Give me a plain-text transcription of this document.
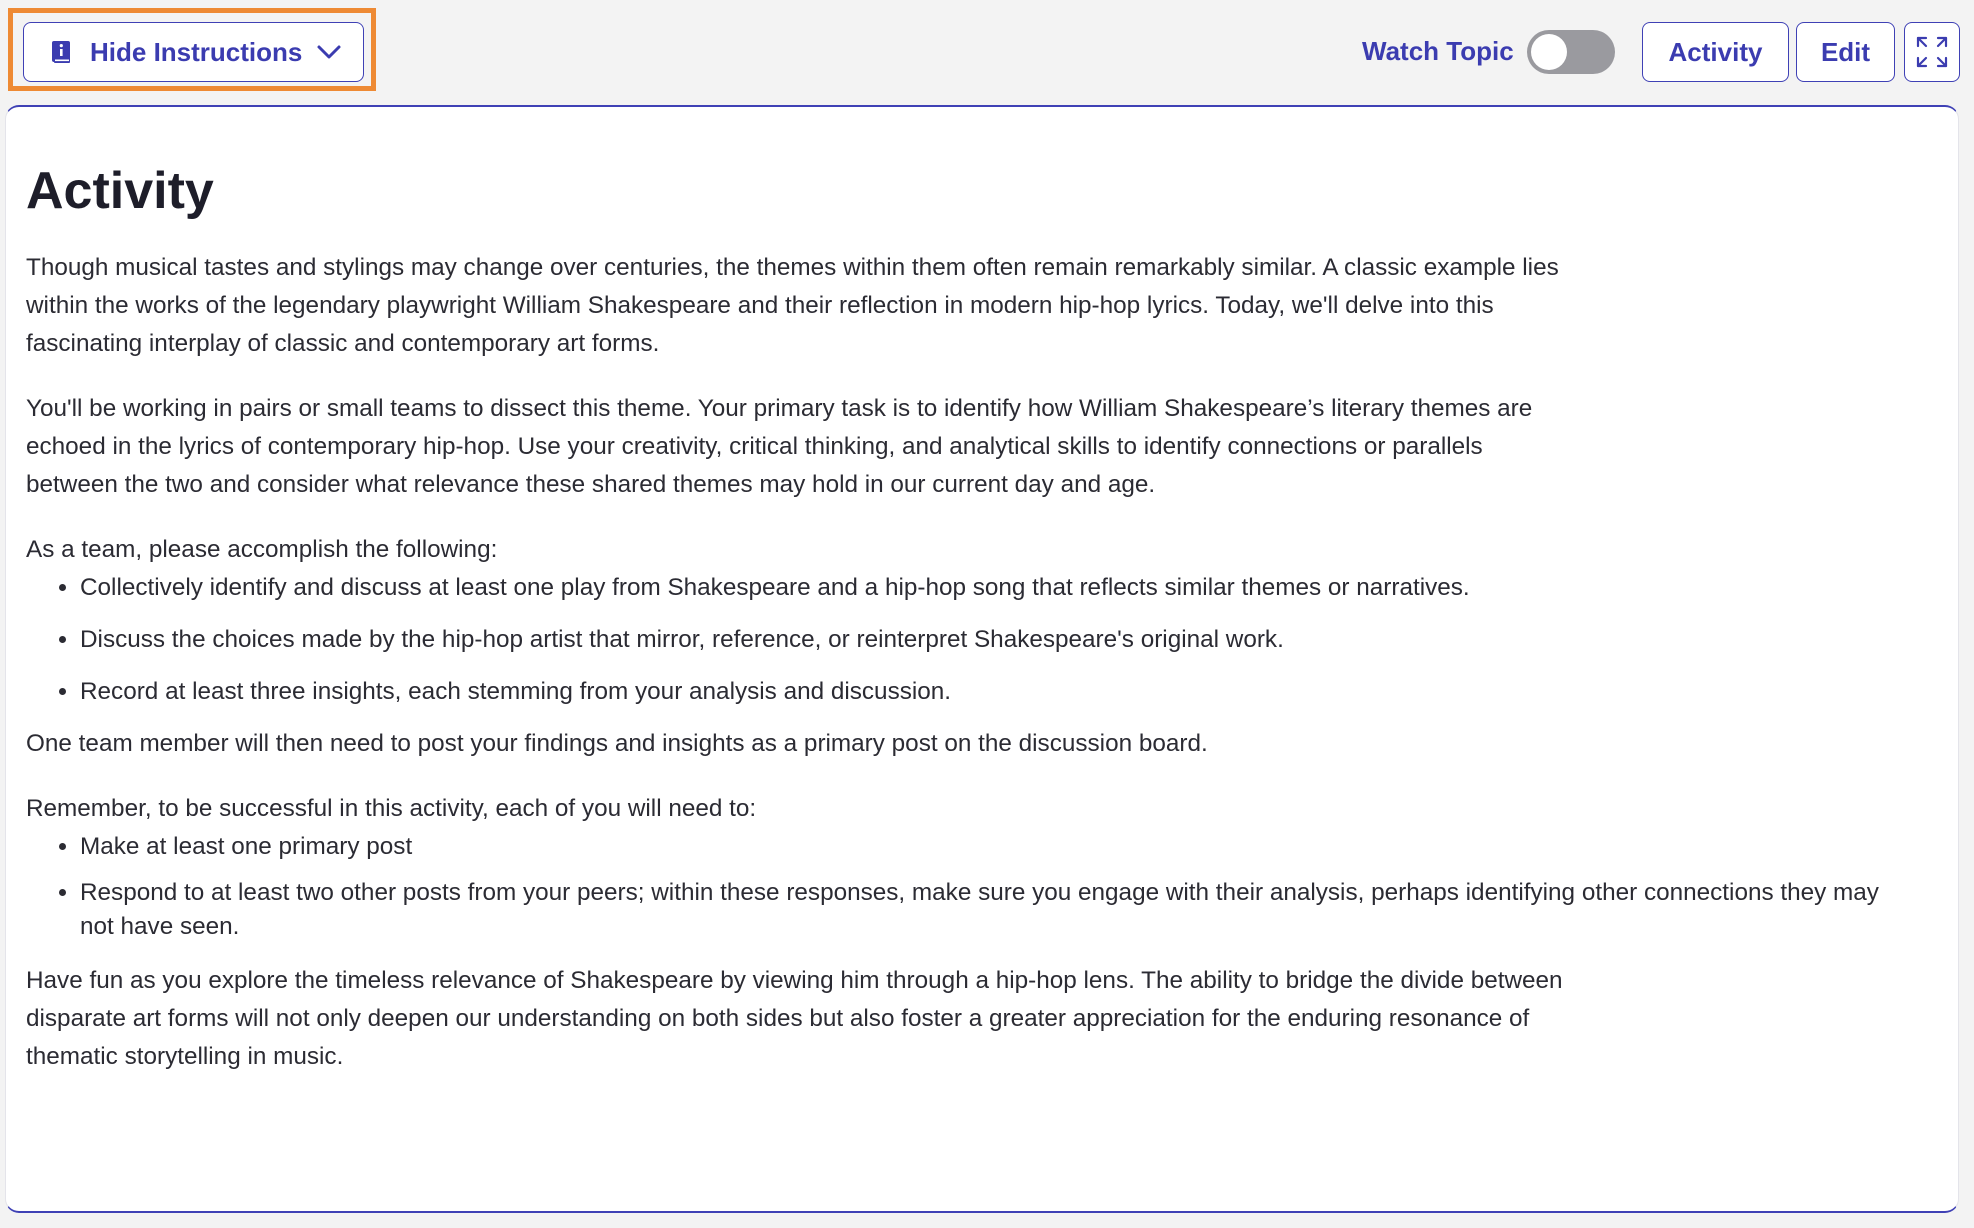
Hide Instructions	Watch Topic	Activity	Edit
Activity

Though musical tastes and stylings may change over centuries, the themes within them often remain remarkably similar. A classic example lies within the works of the legendary playwright William Shakespeare and their reflection in modern hip-hop lyrics. Today, we'll delve into this fascinating interplay of classic and contemporary art forms.

You'll be working in pairs or small teams to dissect this theme. Your primary task is to identify how William Shakespeare’s literary themes are echoed in the lyrics of contemporary hip-hop. Use your creativity, critical thinking, and analytical skills to identify connections or parallels between the two and consider what relevance these shared themes may hold in our current day and age.

As a team, please accomplish the following:

• Collectively identify and discuss at least one play from Shakespeare and a hip-hop song that reflects similar themes or narratives.
• Discuss the choices made by the hip-hop artist that mirror, reference, or reinterpret Shakespeare's original work.
• Record at least three insights, each stemming from your analysis and discussion.

One team member will then need to post your findings and insights as a primary post on the discussion board.

Remember, to be successful in this activity, each of you will need to:

• Make at least one primary post
• Respond to at least two other posts from your peers; within these responses, make sure you engage with their analysis, perhaps identifying other connections they may not have seen.

Have fun as you explore the timeless relevance of Shakespeare by viewing him through a hip-hop lens. The ability to bridge the divide between disparate art forms will not only deepen our understanding on both sides but also foster a greater appreciation for the enduring resonance of thematic storytelling in music.
